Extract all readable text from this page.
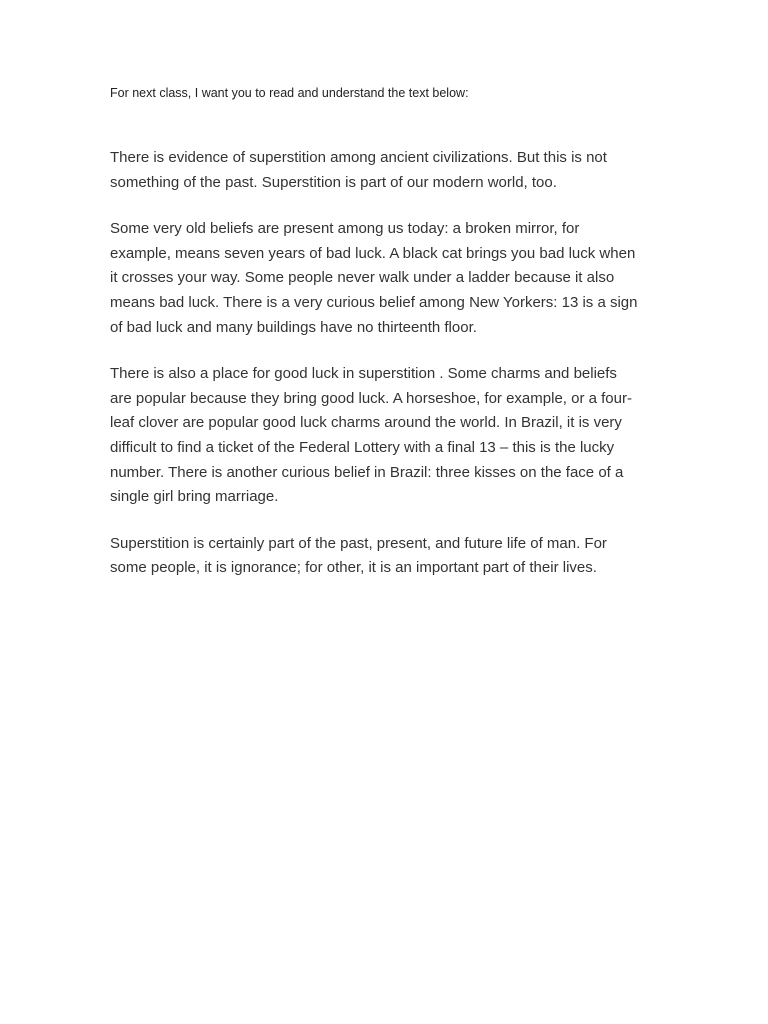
For next class, I want you to read and understand the text below:

There is evidence of superstition among ancient civilizations. But this is not
something of the past. Superstition is part of our modern world, too.

Some very old beliefs are present among us today: a broken mirror, for
example, means seven years of bad luck. A black cat brings you bad luck when
it crosses your way. Some people never walk under a ladder because it also
means bad luck. There is a very curious belief among New Yorkers: 13 is a sign
of bad luck and many buildings have no thirteenth floor.

There is also a place for good luck in superstition . Some charms and beliefs
are popular because they bring good luck. A horseshoe, for example, or a four-
leaf clover are popular good luck charms around the world. In Brazil, it is very
difficult to find a ticket of the Federal Lottery with a final 13 – this is the lucky
number. There is another curious belief in Brazil: three kisses on the face of a
single girl bring marriage.

Superstition is certainly part of the past, present, and future life of man. For
some people, it is ignorance; for other, it is an important part of their lives.
